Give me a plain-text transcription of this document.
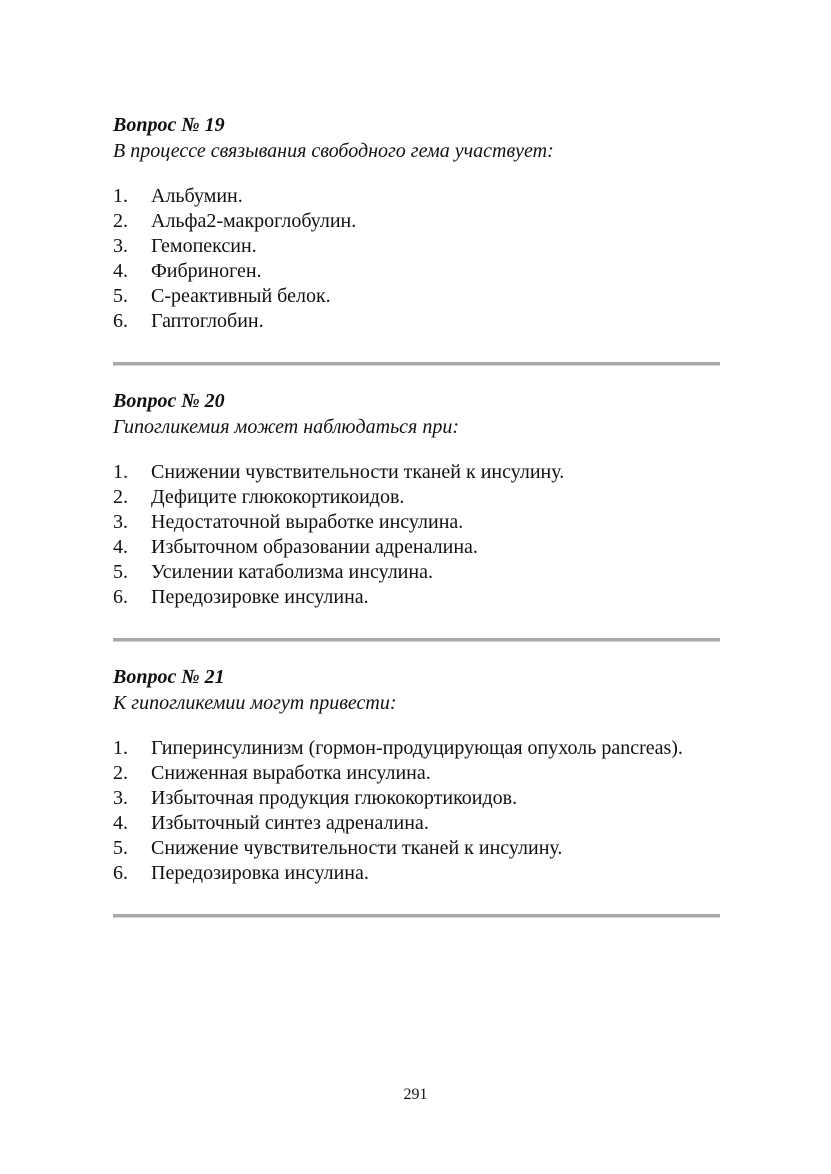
Вопрос № 19

В процессе связывания свободного гема участвует:

1.	Альбумин.
2.	Альфа2-макроглобулин.
3.	Гемопексин.
4.	Фибриноген.
5.	С-реактивный белок.
6.	Гаптоглобин.

Вопрос № 20

Гипогликемия может наблюдаться при:

1.	Снижении чувствительности тканей к инсулину.
2.	Дефиците глюкокортикоидов.
3.	Недостаточной выработке инсулина.
4.	Избыточном образовании адреналина.
5.	Усилении катаболизма инсулина.
6.	Передозировке инсулина.

Вопрос № 21

К гипогликемии могут привести:

1.	Гиперинсулинизм (гормон-продуцирующая опухоль pancreas).
2.	Сниженная выработка инсулина.
3.	Избыточная продукция глюкокортикоидов.
4.	Избыточный синтез адреналина.
5.	Снижение чувствительности тканей к инсулину.
6.	Передозировка инсулина.
291
